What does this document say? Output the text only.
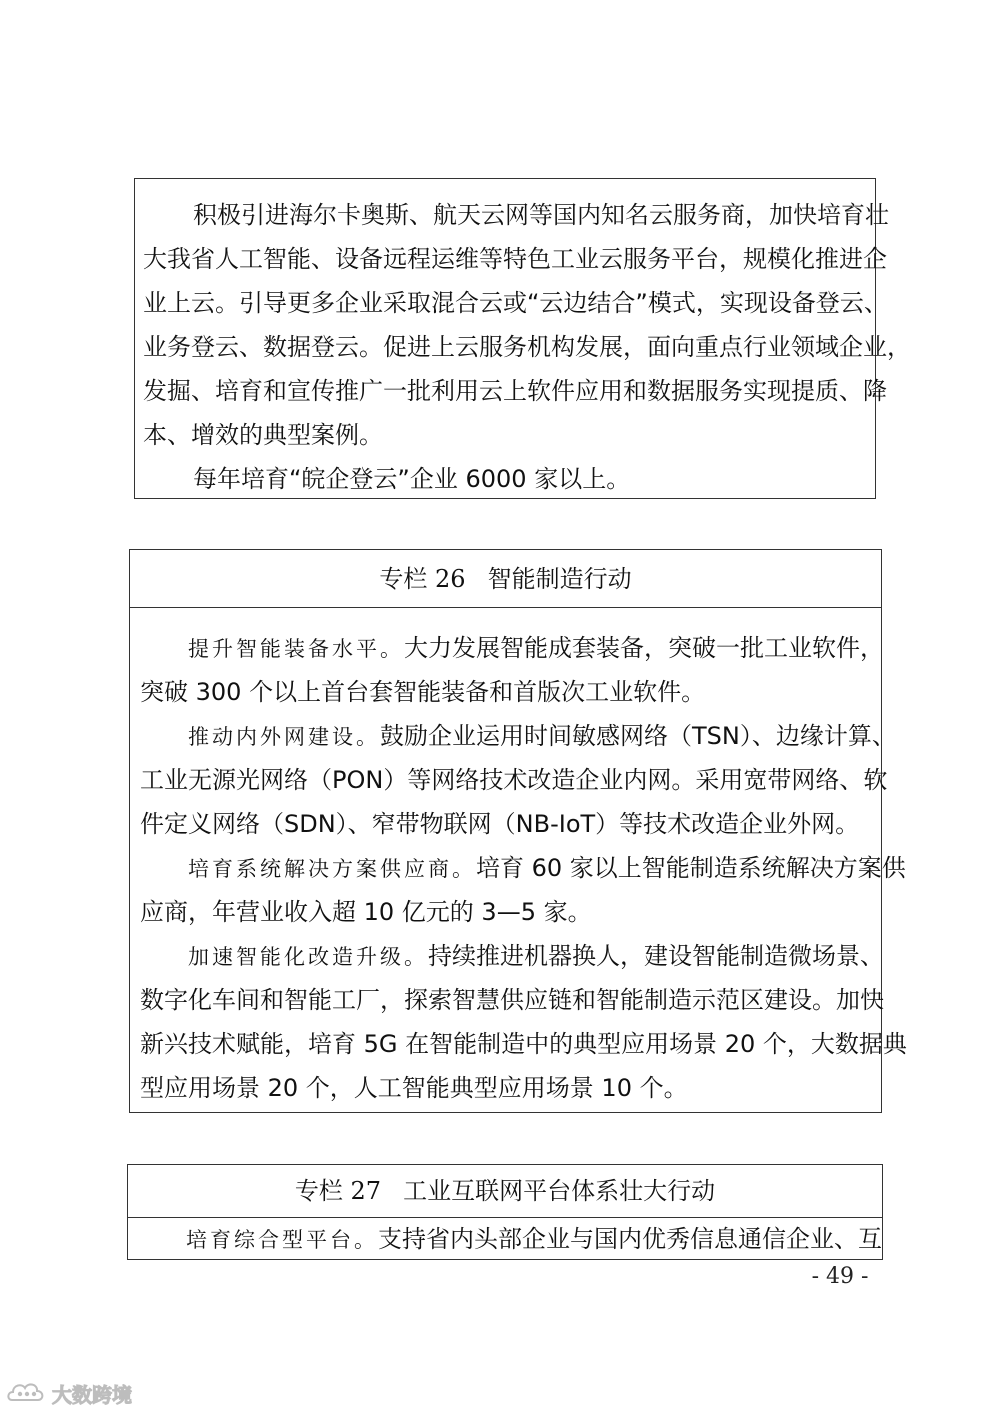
积极引进海尔卡奥斯、航天云网等国内知名云服务商，加快培育壮
大我省人工智能、设备远程运维等特色工业云服务平台，规模化推进企
业上云。引导更多企业采取混合云或“云边结合”模式，实现设备登云、
业务登云、数据登云。促进上云服务机构发展，面向重点行业领域企业，
发掘、培育和宣传推广一批利用云上软件应用和数据服务实现提质、降
本、增效的典型案例。
每年培育“皖企登云”企业 6000 家以上。
专栏 26 智能制造行动
提升智能装备水平。大力发展智能成套装备，突破一批工业软件，
突破 300 个以上首台套智能装备和首版次工业软件。
推动内外网建设。鼓励企业运用时间敏感网络（TSN）、边缘计算、
工业无源光网络（PON）等网络技术改造企业内网。采用宽带网络、软
件定义网络（SDN）、窄带物联网（NB-IoT）等技术改造企业外网。
培育系统解决方案供应商。培育 60 家以上智能制造系统解决方案供
应商，年营业收入超 10 亿元的 3—5 家。
加速智能化改造升级。持续推进机器换人，建设智能制造微场景、
数字化车间和智能工厂，探索智慧供应链和智能制造示范区建设。加快
新兴技术赋能，培育 5G 在智能制造中的典型应用场景 20 个，大数据典
型应用场景 20 个，人工智能典型应用场景 10 个。
专栏 27 工业互联网平台体系壮大行动
培育综合型平台。支持省内头部企业与国内优秀信息通信企业、互
- 49 -
大数跨境
